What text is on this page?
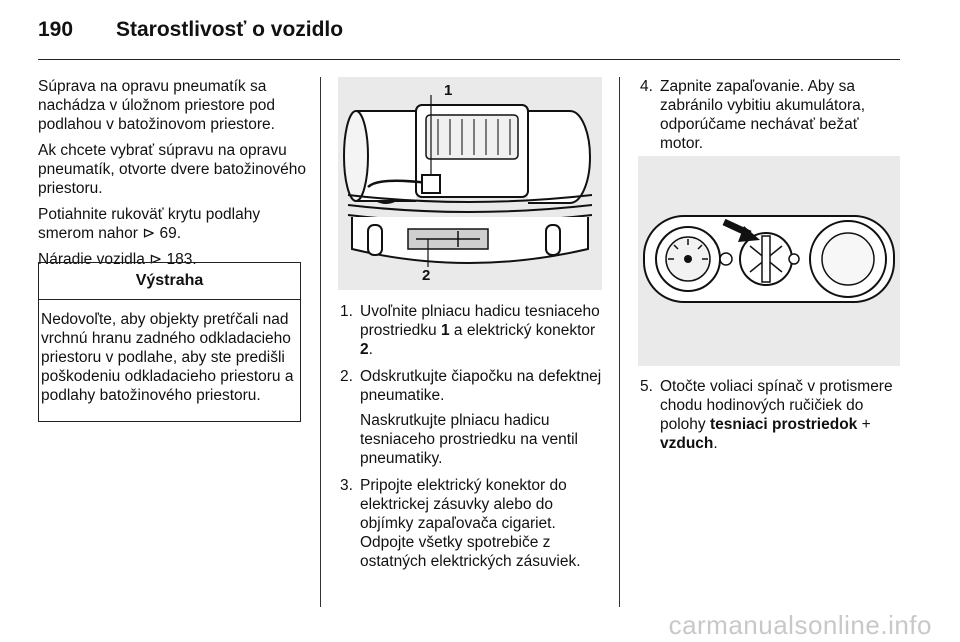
190	Starostlivosť o vozidlo

Súprava na opravu pneumatík sa nachádza v úložnom priestore pod podlahou v batožinovom priestore.

Ak chcete vybrať súpravu na opravu pneumatík, otvorte dvere batožinového priestoru.

Potiahnite rukoväť krytu podlahy smerom nahor ⊳ 69.

Náradie vozidla ⊳ 183.

Výstraha
Nedovoľte, aby objekty pretŕčali nad vrchnú hranu zadného odkladacieho priestoru v podlahe, aby ste predišli poškodeniu odkladacieho priestoru a podlahy batožinového priestoru.
1
2
1. Uvoľnite plniacu hadicu tesniaceho prostriedku 1 a elektrický konektor 2.
2. Odskrutkujte čiapočku na defektnej pneumatike.
Naskrutkujte plniacu hadicu tesniaceho prostriedku na ventil pneumatiky.
3. Pripojte elektrický konektor do elektrickej zásuvky alebo do objímky zapaľovača cigariet. Odpojte všetky spotrebiče z ostatných elektrických zásuviek.
4. Zapnite zapaľovanie. Aby sa zabránilo vybitiu akumulátora, odporúčame nechávať bežať motor.
5. Otočte voliaci spínač v protismere chodu hodinových ručičiek do polohy tesniaci prostriedok + vzduch.
carmanualsonline.info
